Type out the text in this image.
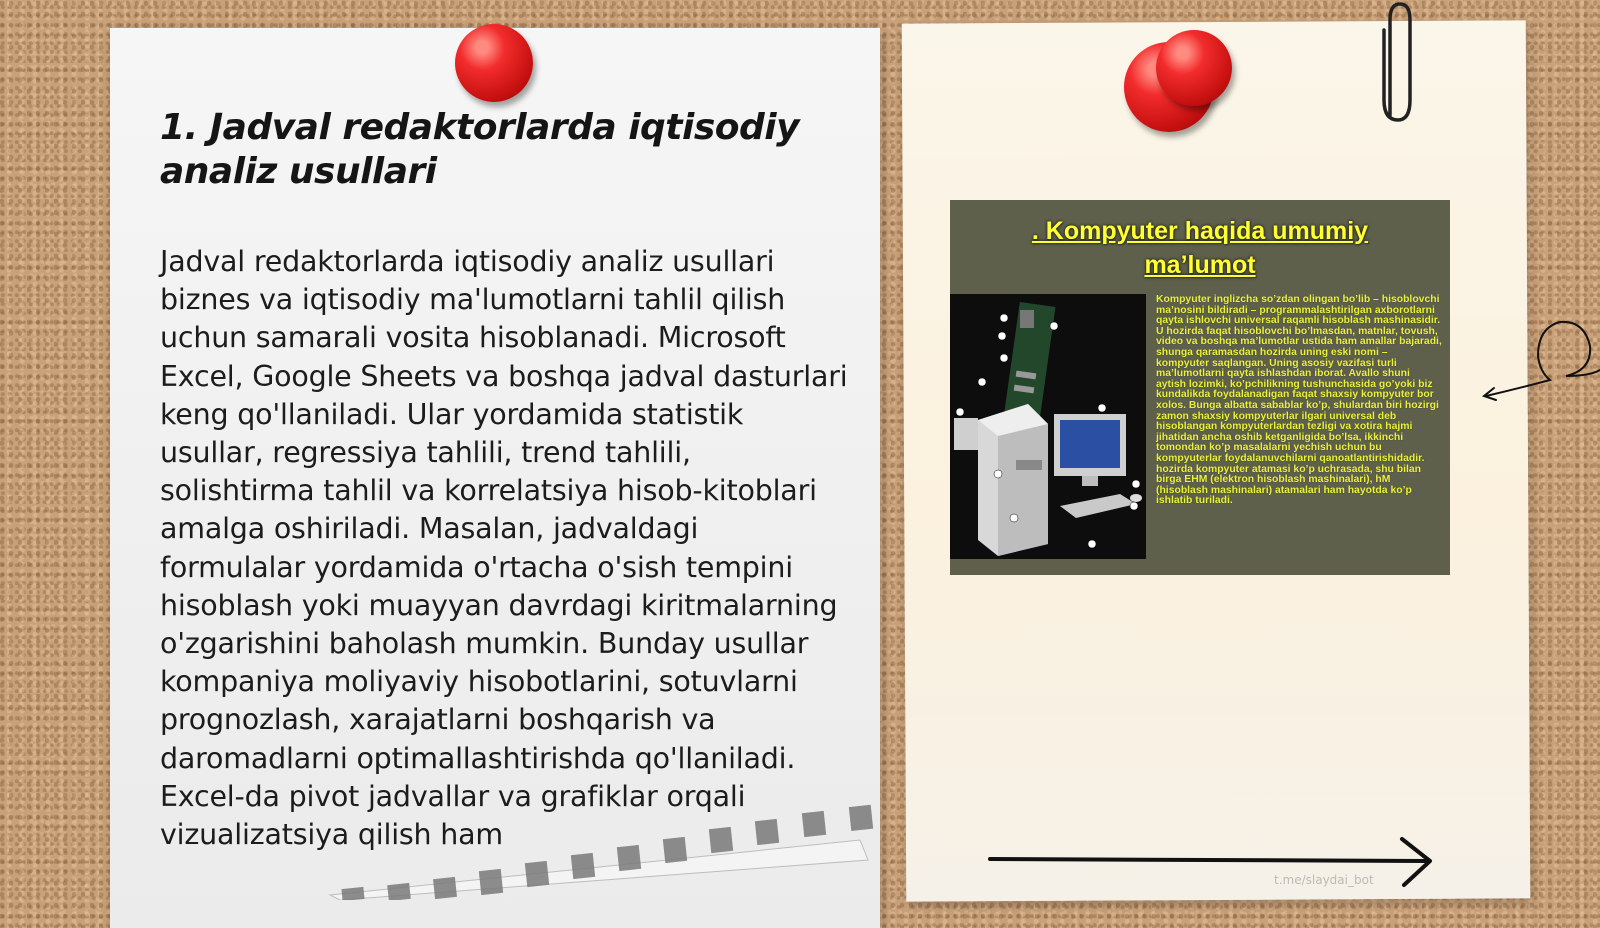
1. Jadval redaktorlarda iqtisodiy analiz usullari

Jadval redaktorlarda iqtisodiy analiz usullari biznes va iqtisodiy ma'lumotlarni tahlil qilish uchun samarali vosita hisoblanadi. Microsoft Excel, Google Sheets va boshqa jadval dasturlari keng qo'llaniladi. Ular yordamida statistik usullar, regressiya tahlili, trend tahlili, solishtirma tahlil va korrelatsiya hisob-kitoblari amalga oshiriladi. Masalan, jadvaldagi formulalar yordamida o'rtacha o'sish tempini hisoblash yoki muayyan davrdagi kiritmalarning o'zgarishini baholash mumkin. Bunday usullar kompaniya moliyaviy hisobotlarini, sotuvlarni prognozlash, xarajatlarni boshqarish va daromadlarni optimallashtirishda qo'llaniladi. Excel-da pivot jadvallar va grafiklar orqali vizualizatsiya qilish ham

. Kompyuter haqida umumiy
ma’lumot

Kompyuter inglizcha so’zdan olingan bo’lib – hisoblovchi ma’nosini bildiradi – programmalashtirilgan axborotlarni qayta ishlovchi universal raqamli hisoblash mashinasidir. U hozirda faqat hisoblovchi bo’lmasdan, matnlar, tovush, video va boshqa ma’lumotlar ustida ham amallar bajaradi, shunga qaramasdan hozirda uning eski nomi – kompyuter saqlangan. Uning asosiy vazifasi turli ma’lumotlarni qayta ishlashdan iborat. Avallo shuni aytish lozimki, ko’pchilikning tushunchasida go’yoki biz kundalikda foydalanadigan faqat shaxsiy kompyuter bor xolos. Bunga albatta sabablar ko’p, shulardan biri hozirgi zamon shaxsiy kompyuterlar ilgari universal deb hisoblangan kompyuterlardan tezligi va xotira hajmi jihatidan ancha oshib ketganligida bo’lsa, ikkinchi tomondan ko’p masalalarni yechish uchun bu kompyuterlar foydalanuvchilarni qanoatlantirishidadir. hozirda kompyuter atamasi ko’p uchrasada, shu bilan birga EHM (elektron hisoblash mashinalari), hM (hisoblash mashinalari) atamalari ham hayotda ko’p ishlatib turiladi.

t.me/slaydai_bot
